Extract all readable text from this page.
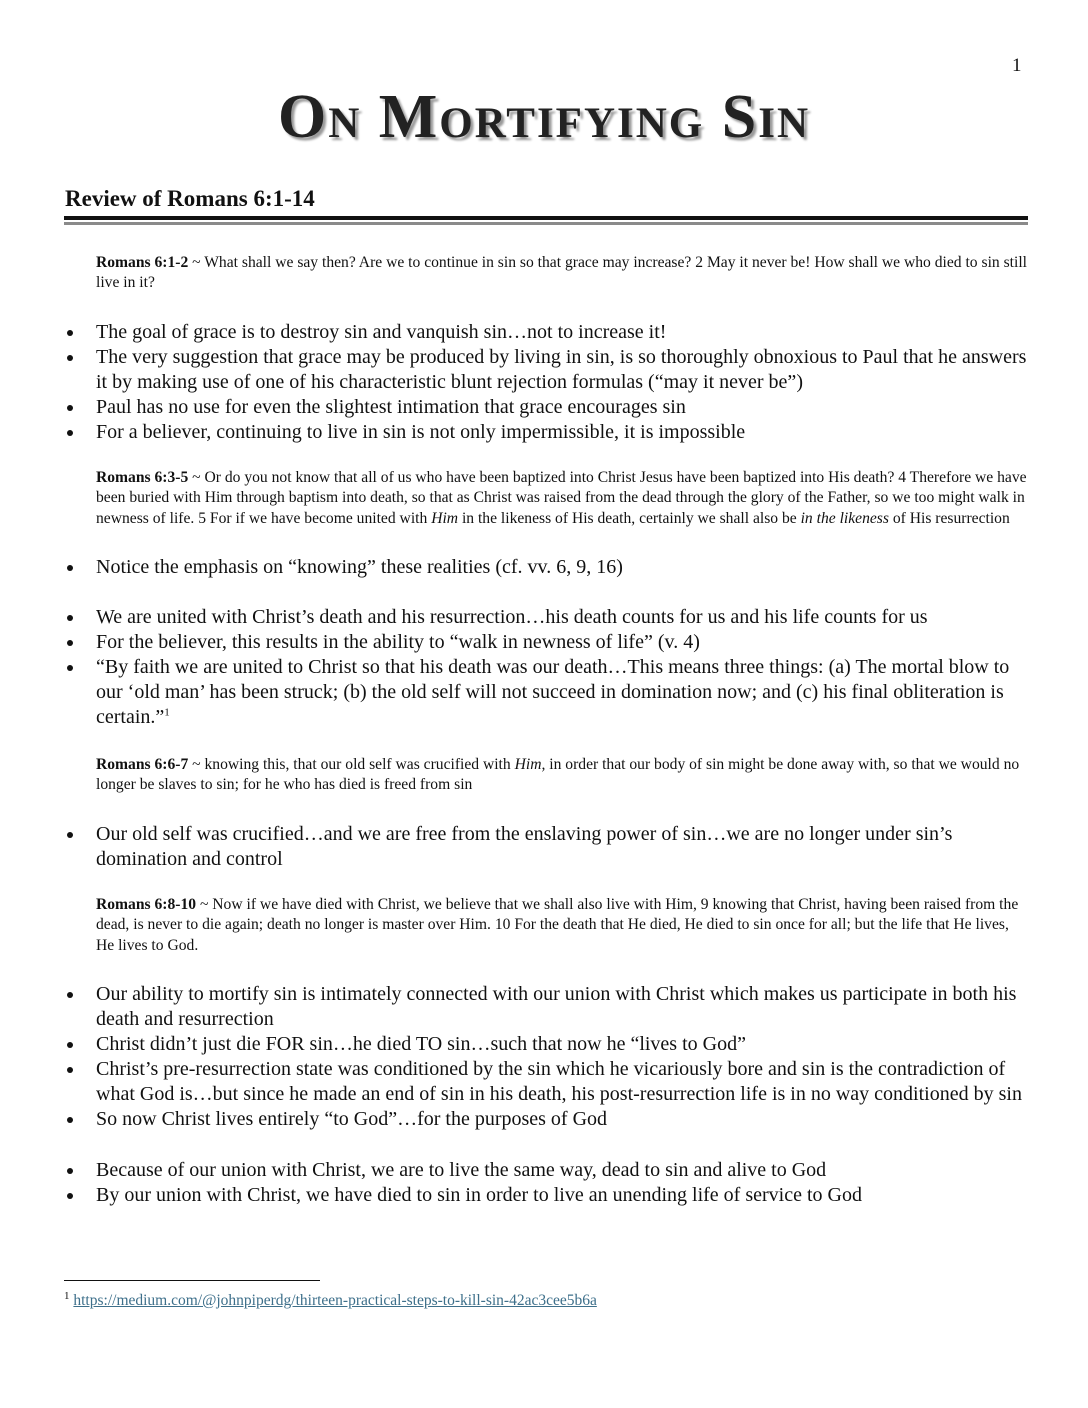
1
On Mortifying Sin
Review of Romans 6:1-14

Romans 6:1-2 ~ What shall we say then? Are we to continue in sin so that grace may increase? 2 May it never be! How shall we who died to sin still live in it?

The goal of grace is to destroy sin and vanquish sin…not to increase it!
The very suggestion that grace may be produced by living in sin, is so thoroughly obnoxious to Paul that he answers it by making use of one of his characteristic blunt rejection formulas (“may it never be”)
Paul has no use for even the slightest intimation that grace encourages sin
For a believer, continuing to live in sin is not only impermissible, it is impossible

Romans 6:3-5 ~ Or do you not know that all of us who have been baptized into Christ Jesus have been baptized into His death? 4 Therefore we have been buried with Him through baptism into death, so that as Christ was raised from the dead through the glory of the Father, so we too might walk in newness of life. 5 For if we have become united with Him in the likeness of His death, certainly we shall also be in the likeness of His resurrection

Notice the emphasis on “knowing” these realities (cf. vv. 6, 9, 16)
We are united with Christ’s death and his resurrection…his death counts for us and his life counts for us
For the believer, this results in the ability to “walk in newness of life” (v. 4)
“By faith we are united to Christ so that his death was our death…This means three things: (a) The mortal blow to our ‘old man’ has been struck; (b) the old self will not succeed in domination now; and (c) his final obliteration is certain.”$^1$

Romans 6:6-7 ~ knowing this, that our old self was crucified with Him, in order that our body of sin might be done away with, so that we would no longer be slaves to sin; for he who has died is freed from sin

Our old self was crucified…and we are free from the enslaving power of sin…we are no longer under sin’s domination and control

Romans 6:8-10 ~ Now if we have died with Christ, we believe that we shall also live with Him, 9 knowing that Christ, having been raised from the dead, is never to die again; death no longer is master over Him. 10 For the death that He died, He died to sin once for all; but the life that He lives, He lives to God.

Our ability to mortify sin is intimately connected with our union with Christ which makes us participate in both his death and resurrection
Christ didn’t just die FOR sin…he died TO sin…such that now he “lives to God”
Christ’s pre-resurrection state was conditioned by the sin which he vicariously bore and sin is the contradiction of what God is…but since he made an end of sin in his death, his post-resurrection life is in no way conditioned by sin
So now Christ lives entirely “to God”…for the purposes of God
Because of our union with Christ, we are to live the same way, dead to sin and alive to God
By our union with Christ, we have died to sin in order to live an unending life of service to God
$^1$ https://medium.com/@johnpiperdg/thirteen-practical-steps-to-kill-sin-42ac3cee5b6a
